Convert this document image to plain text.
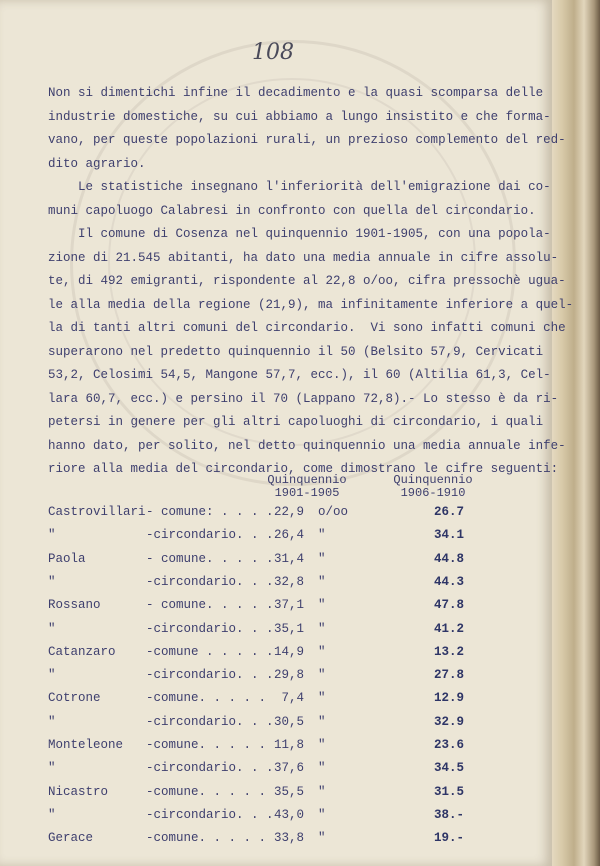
108
Non si dimentichi infine il decadimento e la quasi scomparsa delle
industrie domestiche, su cui abbiamo a lungo insistito e che forma-
vano, per queste popolazioni rurali, un prezioso complemento del red-
dito agrario.
Le statistiche insegnano l'inferiorità dell'emigrazione dai co-
muni capoluogo Calabresi in confronto con quella del circondario.
Il comune di Cosenza nel quinquennio 1901-1905, con una popola-
zione di 21.545 abitanti, ha dato una media annuale in cifre assolu-
te, di 492 emigranti, rispondente al 22,8 o/oo, cifra pressochè ugua-
le alla media della regione (21,9), ma infinitamente inferiore a
la di tanti altri comuni del circondario.  Vi sono infatti comuni
superarono nel predetto quinquennio il 50 (Belsito 57,9, Cervicati
53,2, Celosimi 54,5, Mangone 57,7, ecc.), il 60 (Altilia 61,3, Cel-
lara 60,7, ecc.) e persino il 70 (Lappano 72,8).- Lo stesso è da ri-
petersi in genere per gli altri capoluoghi di circondario, i quali
hanno dato, per solito, nel detto quinquennio una media annuale infe-
riore alla media del circondario, come dimostrano le cifre seguenti:
Quinquennio
1901-1905
Quinquennio
1906-1910
Castrovillari - comune: . . . . 22,9 o/oo	26.7
"	-circondario. . . 26,4 "	34.1
Paola	- comune. . . . . 31,4 "	44.8
"	-circondario. . . 32,8 "	44.3
Rossano	- comune. . . . . 37,1 "	47.8
"	-circondario. . . 35,1 "	41.2
Catanzaro -comune . . . . . 14,9 "	13.2
"	-circondario. . . 29,8 "	27.8
Cotrone	-comune. . . . .	7,4 "	12.9
"	-circondario. . . 30,5 "	32.9
Monteleone -comune. . . . . 11,8 "	23.6
"	-circondario. . . 37,6 "	34.5
Nicastro	-comune. . . . . 35,5 "	31.5
"	-circondario. . . 43,0 "	38.-
Gerace	-comune. . . . . 33,8 "	19.-
